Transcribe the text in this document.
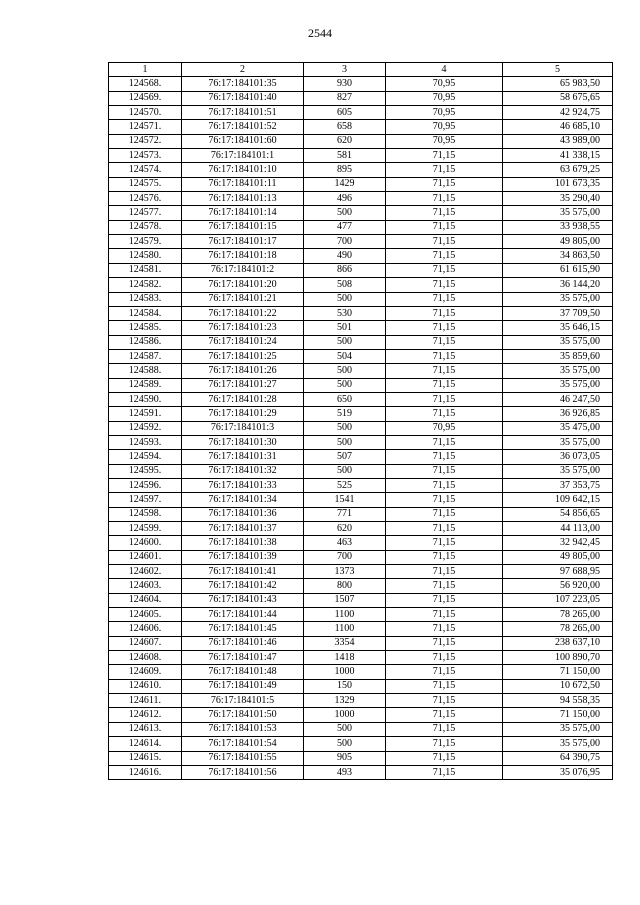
2544
1	2	3	4	5
124568.	76:17:184101:35	930	70,95	65 983,50
124569.	76:17:184101:40	827	70,95	58 675,65
124570.	76:17:184101:51	605	70,95	42 924,75
124571.	76:17:184101:52	658	70,95	46 685,10
124572.	76:17:184101:60	620	70,95	43 989,00
124573.	76:17:184101:1	581	71,15	41 338,15
124574.	76:17:184101:10	895	71,15	63 679,25
124575.	76:17:184101:11	1429	71,15	101 673,35
124576.	76:17:184101:13	496	71,15	35 290,40
124577.	76:17:184101:14	500	71,15	35 575,00
124578.	76:17:184101:15	477	71,15	33 938,55
124579.	76:17:184101:17	700	71,15	49 805,00
124580.	76:17:184101:18	490	71,15	34 863,50
124581.	76:17:184101:2	866	71,15	61 615,90
124582.	76:17:184101:20	508	71,15	36 144,20
124583.	76:17:184101:21	500	71,15	35 575,00
124584.	76:17:184101:22	530	71,15	37 709,50
124585.	76:17:184101:23	501	71,15	35 646,15
124586.	76:17:184101:24	500	71,15	35 575,00
124587.	76:17:184101:25	504	71,15	35 859,60
124588.	76:17:184101:26	500	71,15	35 575,00
124589.	76:17:184101:27	500	71,15	35 575,00
124590.	76:17:184101:28	650	71,15	46 247,50
124591.	76:17:184101:29	519	71,15	36 926,85
124592.	76:17:184101:3	500	70,95	35 475,00
124593.	76:17:184101:30	500	71,15	35 575,00
124594.	76:17:184101:31	507	71,15	36 073,05
124595.	76:17:184101:32	500	71,15	35 575,00
124596.	76:17:184101:33	525	71,15	37 353,75
124597.	76:17:184101:34	1541	71,15	109 642,15
124598.	76:17:184101:36	771	71,15	54 856,65
124599.	76:17:184101:37	620	71,15	44 113,00
124600.	76:17:184101:38	463	71,15	32 942,45
124601.	76:17:184101:39	700	71,15	49 805,00
124602.	76:17:184101:41	1373	71,15	97 688,95
124603.	76:17:184101:42	800	71,15	56 920,00
124604.	76:17:184101:43	1507	71,15	107 223,05
124605.	76:17:184101:44	1100	71,15	78 265,00
124606.	76:17:184101:45	1100	71,15	78 265,00
124607.	76:17:184101:46	3354	71,15	238 637,10
124608.	76:17:184101:47	1418	71,15	100 890,70
124609.	76:17:184101:48	1000	71,15	71 150,00
124610.	76:17:184101:49	150	71,15	10 672,50
124611.	76:17:184101:5	1329	71,15	94 558,35
124612.	76:17:184101:50	1000	71,15	71 150,00
124613.	76:17:184101:53	500	71,15	35 575,00
124614.	76:17:184101:54	500	71,15	35 575,00
124615.	76:17:184101:55	905	71,15	64 390,75
124616.	76:17:184101:56	493	71,15	35 076,95
